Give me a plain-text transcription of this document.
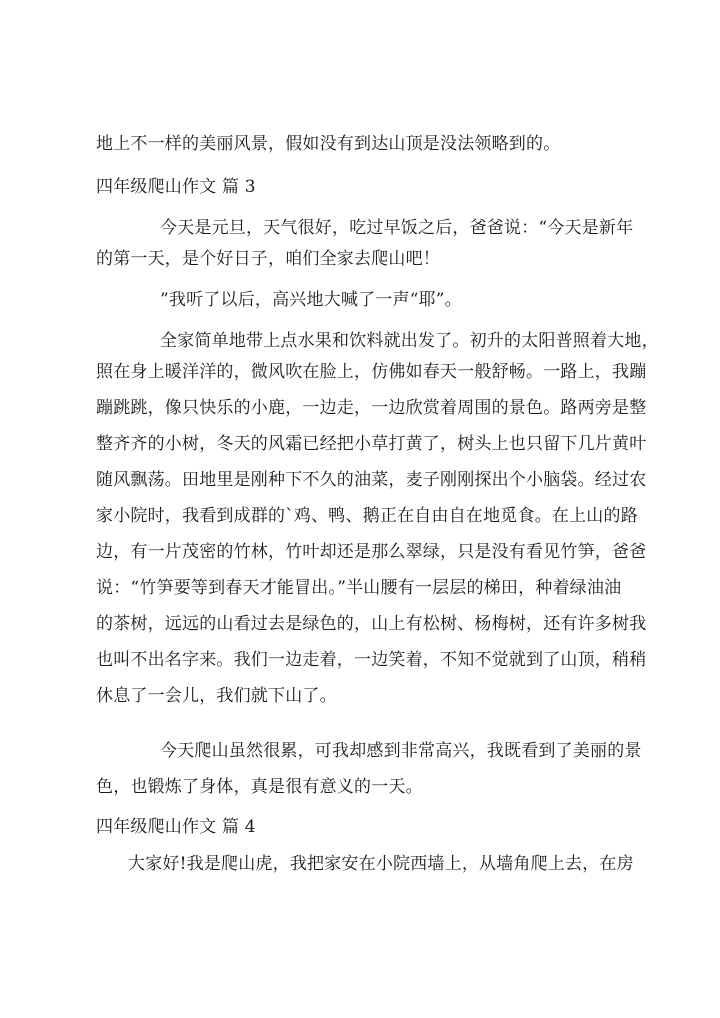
地上不一样的美丽风景，假如没有到达山顶是没法领略到的。
四年级爬山作文 篇 3
今天是元旦，天气很好，吃过早饭之后，爸爸说：“今天是新年
的第一天，是个好日子，咱们全家去爬山吧！
”我听了以后，高兴地大喊了一声“耶”。
全家简单地带上点水果和饮料就出发了。初升的太阳普照着大地，
照在身上暖洋洋的，微风吹在脸上，仿佛如春天一般舒畅。一路上，我蹦
蹦跳跳，像只快乐的小鹿，一边走，一边欣赏着周围的景色。路两旁是整
整齐齐的小树，冬天的风霜已经把小草打黄了，树头上也只留下几片黄叶
随风飘荡。田地里是刚种下不久的油菜，麦子刚刚探出个小脑袋。经过农
家小院时，我看到成群的`鸡、鸭、鹅正在自由自在地觅食。在上山的路
边，有一片茂密的竹林，竹叶却还是那么翠绿，只是没有看见竹笋，爸爸
说：“竹笋要等到春天才能冒出。”半山腰有一层层的梯田，种着绿油油
的茶树，远远的山看过去是绿色的，山上有松树、杨梅树，还有许多树我
也叫不出名字来。我们一边走着，一边笑着，不知不觉就到了山顶，稍稍
休息了一会儿，我们就下山了。
今天爬山虽然很累，可我却感到非常高兴，我既看到了美丽的景
色，也锻炼了身体，真是很有意义的一天。
四年级爬山作文 篇 4
大家好!我是爬山虎，我把家安在小院西墙上，从墙角爬上去，在房
